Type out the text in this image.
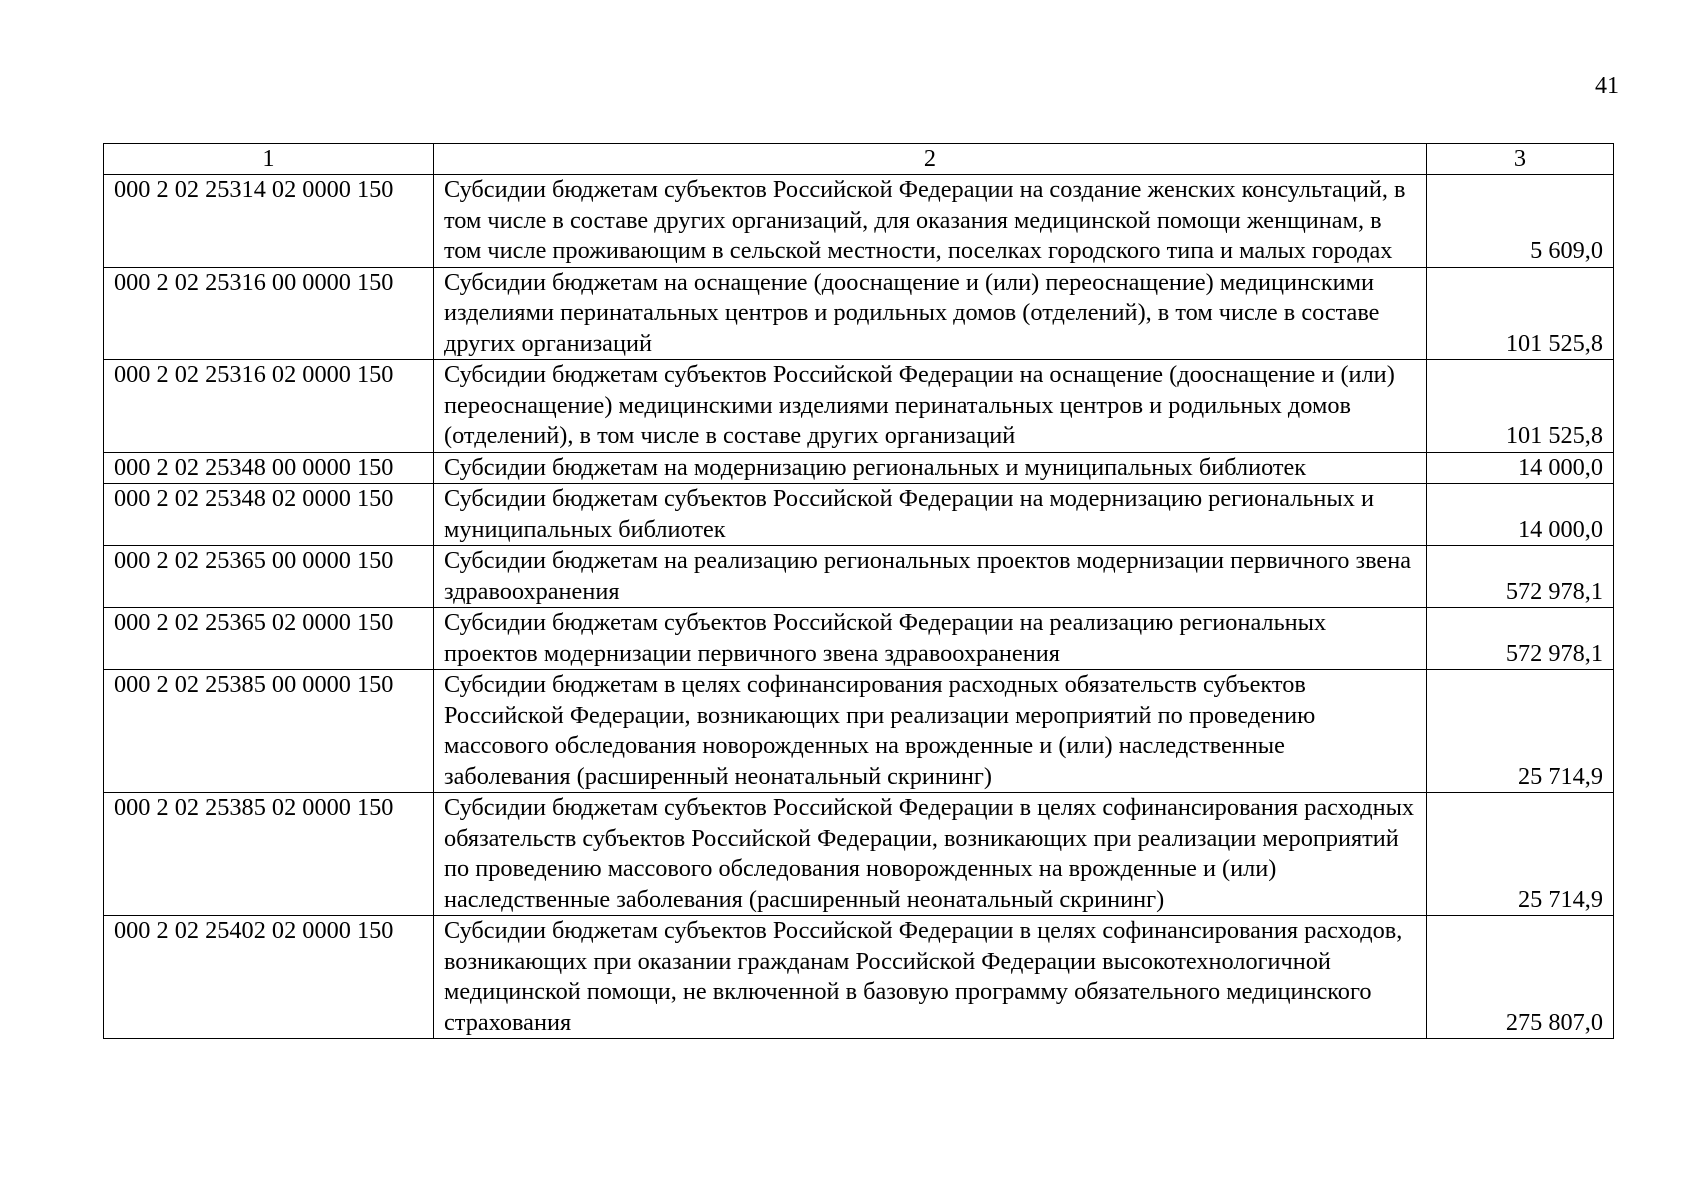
41
1	2	3
000 2 02 25314 02 0000 150	Субсидии бюджетам субъектов Российской Федерации на создание женских консультаций, в том числе в составе других организаций, для оказания медицинской помощи женщинам, в том числе проживающим в сельской местности, поселках городского типа и малых городах	5 609,0
000 2 02 25316 00 0000 150	Субсидии бюджетам на оснащение (дооснащение и (или) переоснащение) медицинскими изделиями перинатальных центров и родильных домов (отделений), в том числе в составе других организаций	101 525,8
000 2 02 25316 02 0000 150	Субсидии бюджетам субъектов Российской Федерации на оснащение (дооснащение и (или) переоснащение) медицинскими изделиями перинатальных центров и родильных домов (отделений), в том числе в составе других организаций	101 525,8
000 2 02 25348 00 0000 150	Субсидии бюджетам на модернизацию региональных и муниципальных библиотек	14 000,0
000 2 02 25348 02 0000 150	Субсидии бюджетам субъектов Российской Федерации на модернизацию региональных и муниципальных библиотек	14 000,0
000 2 02 25365 00 0000 150	Субсидии бюджетам на реализацию региональных проектов модернизации первичного звена здравоохранения	572 978,1
000 2 02 25365 02 0000 150	Субсидии бюджетам субъектов Российской Федерации на реализацию региональных проектов модернизации первичного звена здравоохранения	572 978,1
000 2 02 25385 00 0000 150	Субсидии бюджетам в целях софинансирования расходных обязательств субъектов Российской Федерации, возникающих при реализации мероприятий по проведению массового обследования новорожденных на врожденные и (или) наследственные заболевания (расширенный неонатальный скрининг)	25 714,9
000 2 02 25385 02 0000 150	Субсидии бюджетам субъектов Российской Федерации в целях софинансирования расходных обязательств субъектов Российской Федерации, возникающих при реализации мероприятий по проведению массового обследования новорожденных на врожденные и (или) наследственные заболевания (расширенный неонатальный скрининг)	25 714,9
000 2 02 25402 02 0000 150	Субсидии бюджетам субъектов Российской Федерации в целях софинансирования расходов, возникающих при оказании гражданам Российской Федерации высокотехнологичной медицинской помощи, не включенной в базовую программу обязательного медицинского страхования	275 807,0
